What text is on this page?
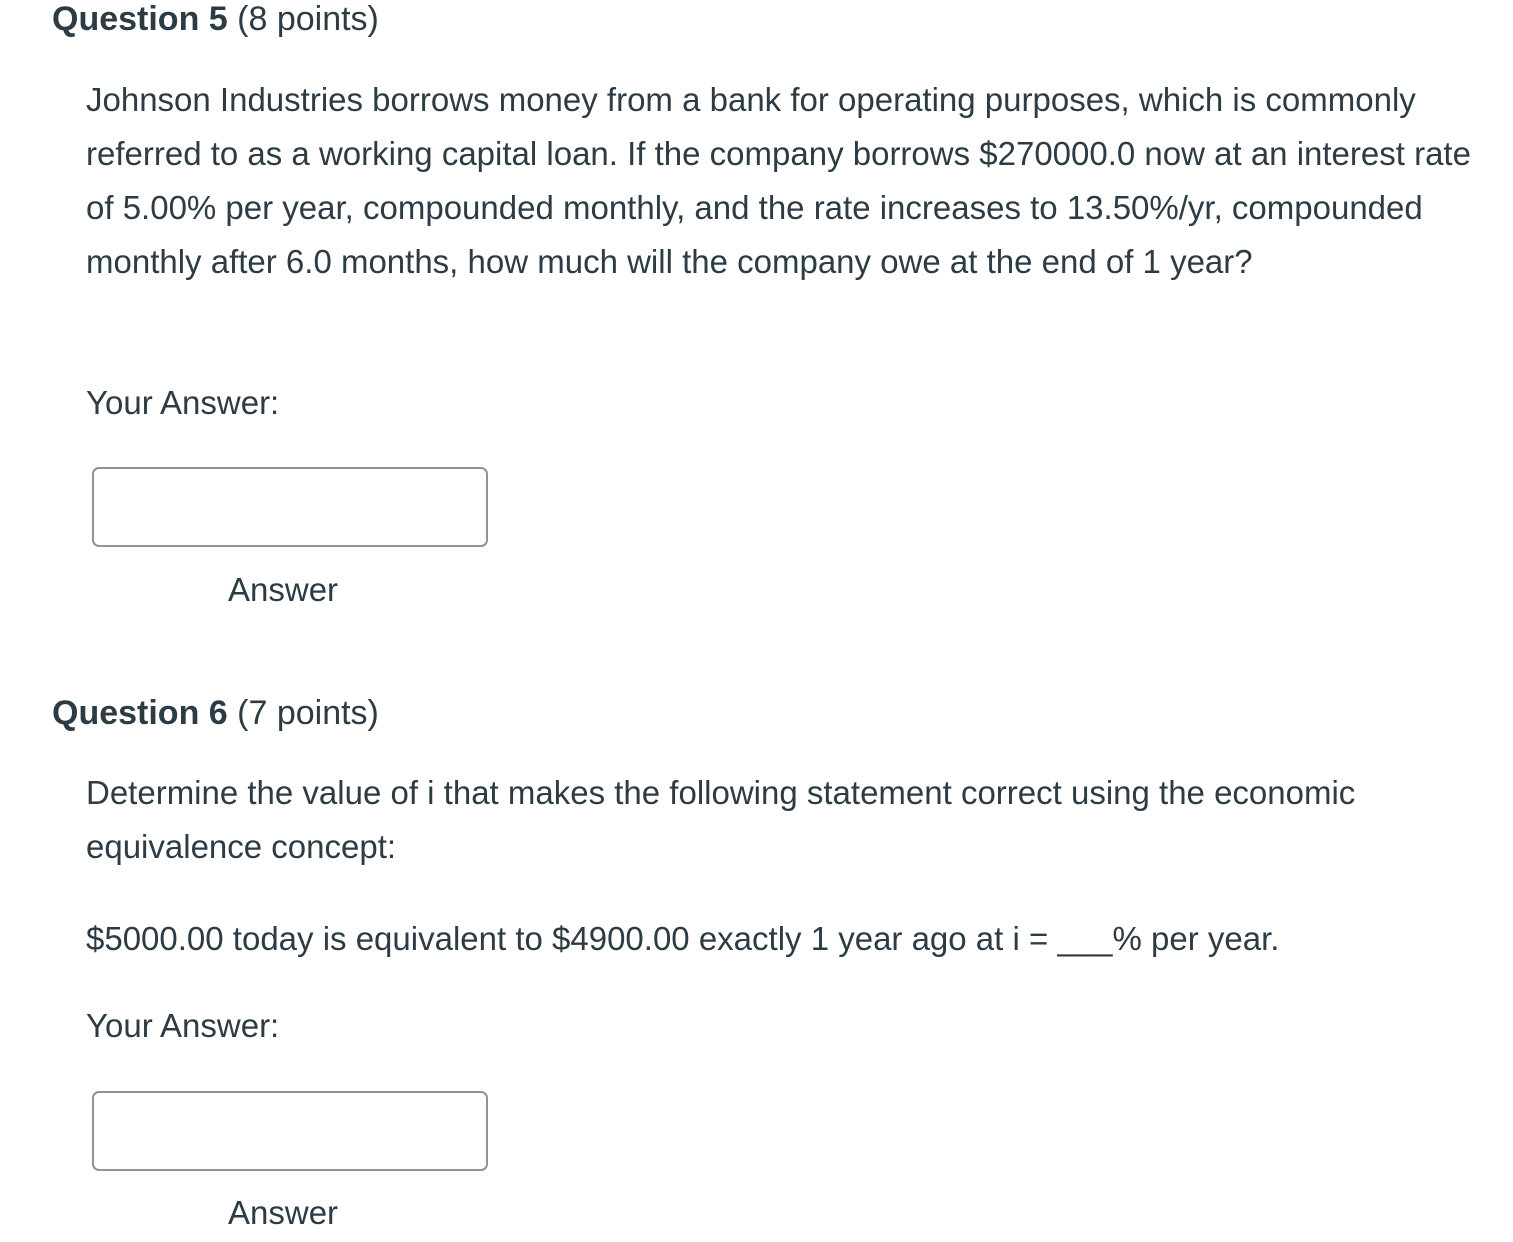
Question 5 (8 points)
Johnson Industries borrows money from a bank for operating purposes, which is commonly referred to as a working capital loan. If the company borrows $270000.0 now at an interest rate of 5.00% per year, compounded monthly, and the rate increases to 13.50%/yr, compounded monthly after 6.0 months, how much will the company owe at the end of 1 year?
Your Answer:
Answer
Question 6 (7 points)
Determine the value of i that makes the following statement correct using the economic equivalence concept:
$5000.00 today is equivalent to $4900.00 exactly 1 year ago at i = ___% per year.
Your Answer:
Answer
